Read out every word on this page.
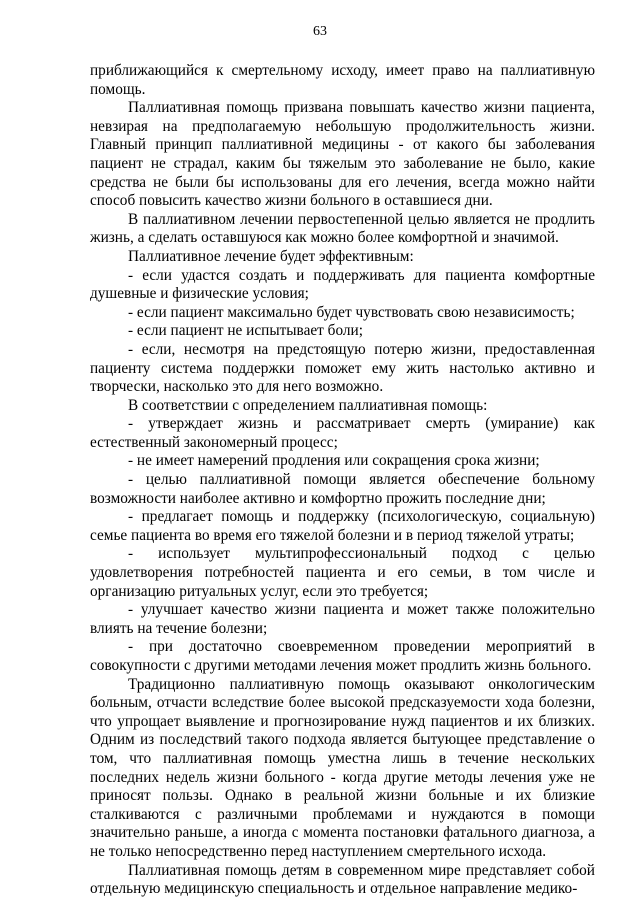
63

приближающийся к смертельному исходу, имеет право на паллиативную помощь.

Паллиативная помощь призвана повышать качество жизни пациента, невзирая на предполагаемую небольшую продолжительность жизни. Главный принцип паллиативной медицины - от какого бы заболевания пациент не страдал, каким бы тяжелым это заболевание не было, какие средства не были бы использованы для его лечения, всегда можно найти способ повысить качество жизни больного в оставшиеся дни.

В паллиативном лечении первостепенной целью является не продлить жизнь, а сделать оставшуюся как можно более комфортной и значимой.

Паллиативное лечение будет эффективным:

- если удастся создать и поддерживать для пациента комфортные душевные и физические условия;

- если пациент максимально будет чувствовать свою независимость;

- если пациент не испытывает боли;

- если, несмотря на предстоящую потерю жизни, предоставленная пациенту система поддержки поможет ему жить настолько активно и творчески, насколько это для него возможно.

В соответствии с определением паллиативная помощь:

- утверждает жизнь и рассматривает смерть (умирание) как естественный закономерный процесс;

- не имеет намерений продления или сокращения срока жизни;

- целью паллиативной помощи является обеспечение больному возможности наиболее активно и комфортно прожить последние дни;

- предлагает помощь и поддержку (психологическую, социальную) семье пациента во время его тяжелой болезни и в период тяжелой утраты;

- использует мультипрофессиональный подход с целью удовлетворения потребностей пациента и его семьи, в том числе и организацию ритуальных услуг, если это требуется;

- улучшает качество жизни пациента и может также положительно влиять на течение болезни;

- при достаточно своевременном проведении мероприятий в совокупности с другими методами лечения может продлить жизнь больного.

Традиционно паллиативную помощь оказывают онкологическим больным, отчасти вследствие более высокой предсказуемости хода болезни, что упрощает выявление и прогнозирование нужд пациентов и их близких. Одним из последствий такого подхода является бытующее представление о том, что паллиативная помощь уместна лишь в течение нескольких последних недель жизни больного - когда другие методы лечения уже не приносят пользы. Однако в реальной жизни больные и их близкие сталкиваются с различными проблемами и нуждаются в помощи значительно раньше, а иногда с момента постановки фатального диагноза, а не только непосредственно перед наступлением смертельного исхода.

Паллиативная помощь детям в современном мире представляет собой отдельную медицинскую специальность и отдельное направление медико-
